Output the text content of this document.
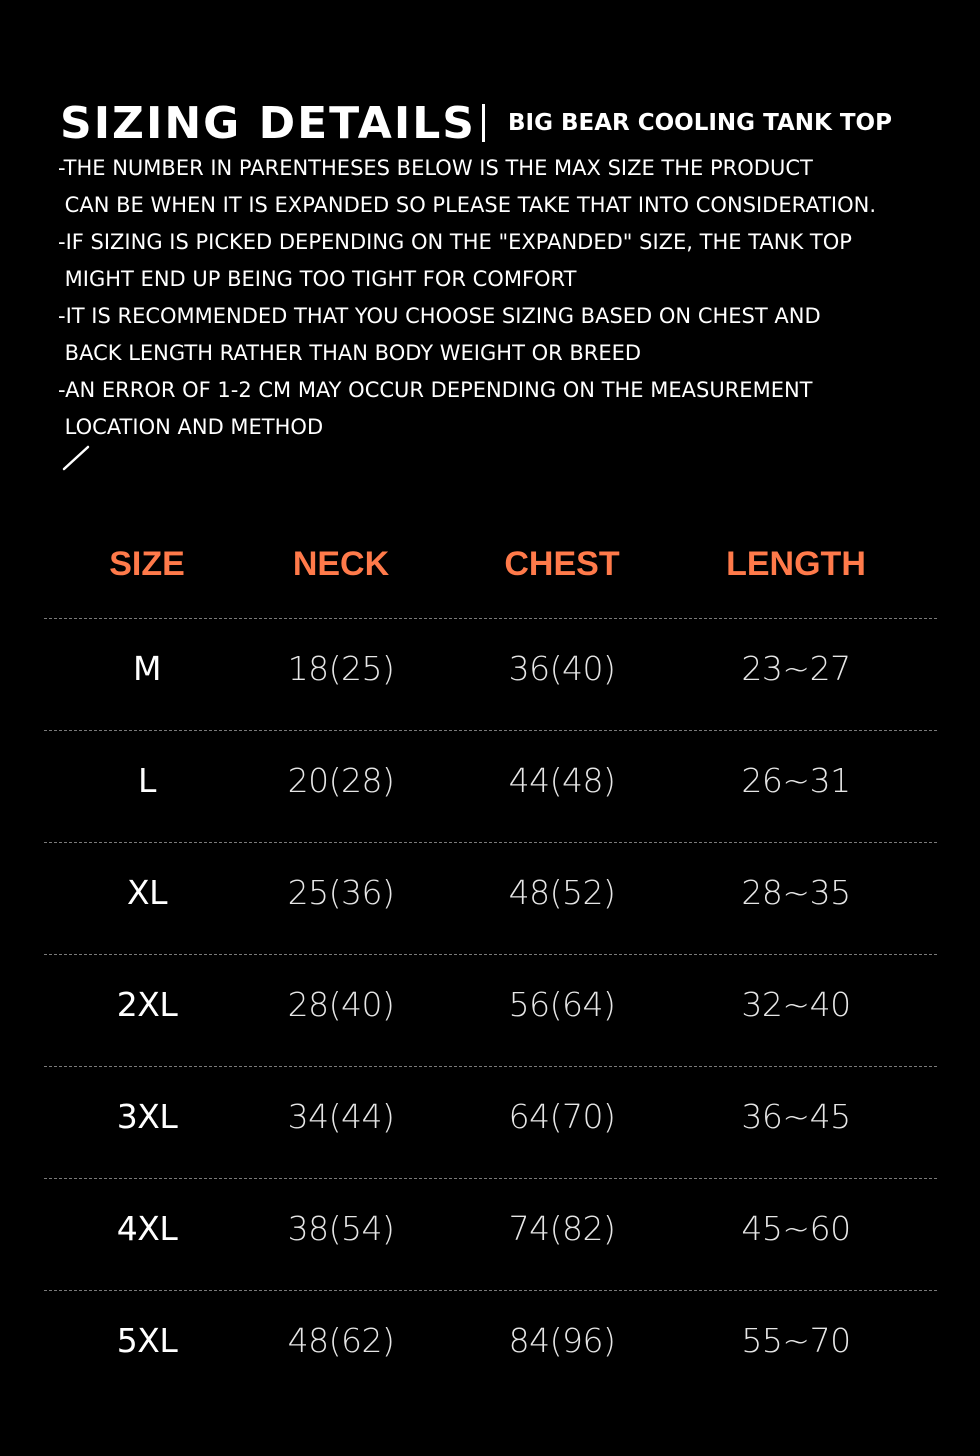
SIZING DETAILS BIG BEAR COOLING TANK TOP

-THE NUMBER IN PARENTHESES BELOW IS THE MAX SIZE THE PRODUCT

CAN BE WHEN IT IS EXPANDED SO PLEASE TAKE THAT INTO CONSIDERATION.

-IF SIZING IS PICKED DEPENDING ON THE "EXPANDED" SIZE, THE TANK TOP

MIGHT END UP BEING TOO TIGHT FOR COMFORT

-IT IS RECOMMENDED THAT YOU CHOOSE SIZING BASED ON CHEST AND

BACK LENGTH RATHER THAN BODY WEIGHT OR BREED

-AN ERROR OF 1-2 CM MAY OCCUR DEPENDING ON THE MEASUREMENT

LOCATION AND METHOD

SIZE	NECK	CHEST	LENGTH
M	18(25)	36(40)	23~27
L	20(28)	44(48)	26~31
XL	25(36)	48(52)	28~35
2XL	28(40)	56(64)	32~40
3XL	34(44)	64(70)	36~45
4XL	38(54)	74(82)	45~60
5XL	48(62)	84(96)	55~70
